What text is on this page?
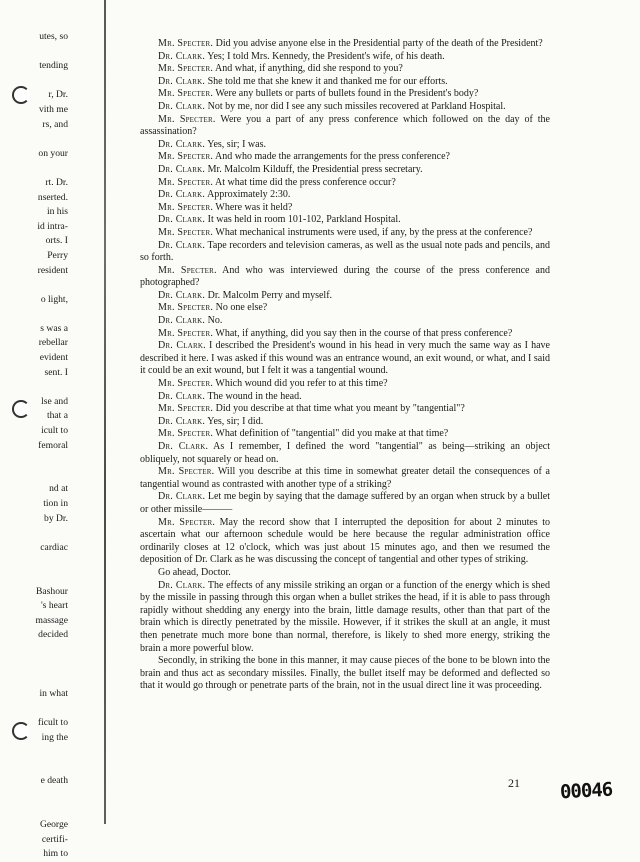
utes, so
tending
r, Dr.
vith me
rs, and
on your
rt. Dr.
nserted.
in his
id intra-
orts. I
Perry
resident
o light,
s was a
rebellar
evident
sent. I
lse and
that a
icult to
femoral
nd at
tion in
by Dr.
cardiac
Bashour
's heart
massage
decided
in what
ficult to
ing the
e death
George
certifi-
him to

Mr. Specter. Did you advise anyone else in the Presidential party of the death of the President?

Dr. Clark. Yes; I told Mrs. Kennedy, the President's wife, of his death.

Mr. Specter. And what, if anything, did she respond to you?

Dr. Clark. She told me that she knew it and thanked me for our efforts.

Mr. Specter. Were any bullets or parts of bullets found in the President's body?

Dr. Clark. Not by me, nor did I see any such missiles recovered at Parkland Hospital.

Mr. Specter. Were you a part of any press conference which followed on the day of the assassination?

Dr. Clark. Yes, sir; I was.

Mr. Specter. And who made the arrangements for the press conference?

Dr. Clark. Mr. Malcolm Kilduff, the Presidential press secretary.

Mr. Specter. At what time did the press conference occur?

Dr. Clark. Approximately 2:30.

Mr. Specter. Where was it held?

Dr. Clark. It was held in room 101-102, Parkland Hospital.

Mr. Specter. What mechanical instruments were used, if any, by the press at the conference?

Dr. Clark. Tape recorders and television cameras, as well as the usual note pads and pencils, and so forth.

Mr. Specter. And who was interviewed during the course of the press conference and photographed?

Dr. Clark. Dr. Malcolm Perry and myself.

Mr. Specter. No one else?

Dr. Clark. No.

Mr. Specter. What, if anything, did you say then in the course of that press conference?

Dr. Clark. I described the President's wound in his head in very much the same way as I have described it here. I was asked if this wound was an entrance wound, an exit wound, or what, and I said it could be an exit wound, but I felt it was a tangential wound.

Mr. Specter. Which wound did you refer to at this time?

Dr. Clark. The wound in the head.

Mr. Specter. Did you describe at that time what you meant by "tangential"?

Dr. Clark. Yes, sir; I did.

Mr. Specter. What definition of "tangential" did you make at that time?

Dr. Clark. As I remember, I defined the word "tangential" as being—striking an object obliquely, not squarely or head on.

Mr. Specter. Will you describe at this time in somewhat greater detail the consequences of a tangential wound as contrasted with another type of a striking?

Dr. Clark. Let me begin by saying that the damage suffered by an organ when struck by a bullet or other missile———

Mr. Specter. May the record show that I interrupted the deposition for about 2 minutes to ascertain what our afternoon schedule would be here because the regular administration office ordinarily closes at 12 o'clock, which was just about 15 minutes ago, and then we resumed the deposition of Dr. Clark as he was discussing the concept of tangential and other types of striking.

Go ahead, Doctor.

Dr. Clark. The effects of any missile striking an organ or a function of the energy which is shed by the missile in passing through this organ when a bullet strikes the head, if it is able to pass through rapidly without shedding any energy into the brain, little damage results, other than that part of the brain which is directly penetrated by the missile. However, if it strikes the skull at an angle, it must then penetrate much more bone than normal, therefore, is likely to shed more energy, striking the brain a more powerful blow.

Secondly, in striking the bone in this manner, it may cause pieces of the bone to be blown into the brain and thus act as secondary missiles. Finally, the bullet itself may be deformed and deflected so that it would go through or penetrate parts of the brain, not in the usual direct line it was proceeding.

21 00046
